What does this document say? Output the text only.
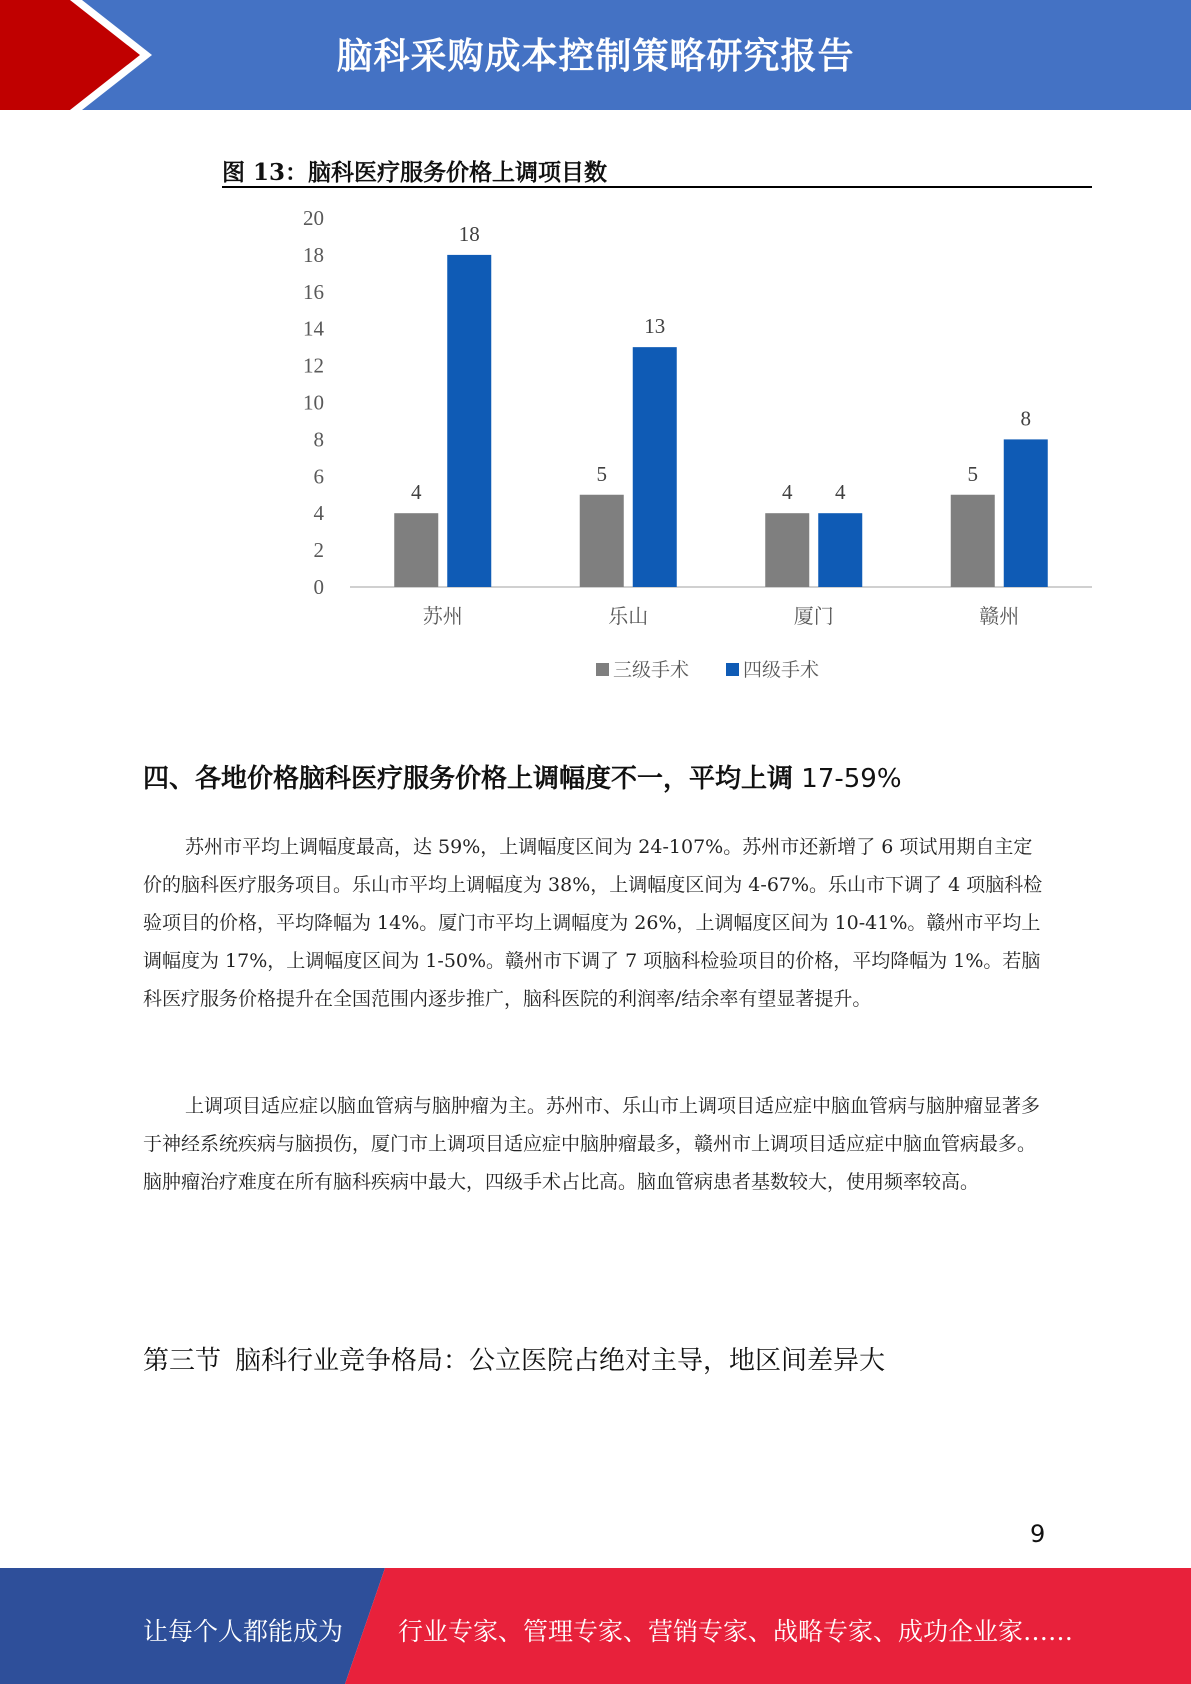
脑科采购成本控制策略研究报告
图 13：脑科医疗服务价格上调项目数
0
2
4
6
8
10
12
14
16
18
20
4
18
5
13
4 4
5
8
苏州	乐山	厦门	赣州
三级手术	四级手术
四、各地价格脑科医疗服务价格上调幅度不一，平均上调 17-59%

苏州市平均上调幅度最高，达 59%，上调幅度区间为 24-107%。苏州市还新增了 6 项试用期自主定价的脑科医疗服务项目。乐山市平均上调幅度为 38%，上调幅度区间为 4-67%。乐山市下调了 4 项脑科检验项目的价格，平均降幅为 14%。厦门市平均上调幅度为 26%，上调幅度区间为 10-41%。赣州市平均上调幅度为 17%，上调幅度区间为 1-50%。赣州市下调了 7 项脑科检验项目的价格，平均降幅为 1%。若脑科医疗服务价格提升在全国范围内逐步推广，脑科医院的利润率/结余率有望显著提升。

上调项目适应症以脑血管病与脑肿瘤为主。苏州市、乐山市上调项目适应症中脑血管病与脑肿瘤显著多于神经系统疾病与脑损伤，厦门市上调项目适应症中脑肿瘤最多，赣州市上调项目适应症中脑血管病最多。脑肿瘤治疗难度在所有脑科疾病中最大，四级手术占比高。脑血管病患者基数较大，使用频率较高。

第三节 脑科行业竞争格局：公立医院占绝对主导，地区间差异大
9
让每个人都能成为 行业专家、管理专家、营销专家、战略专家、成功企业家……
